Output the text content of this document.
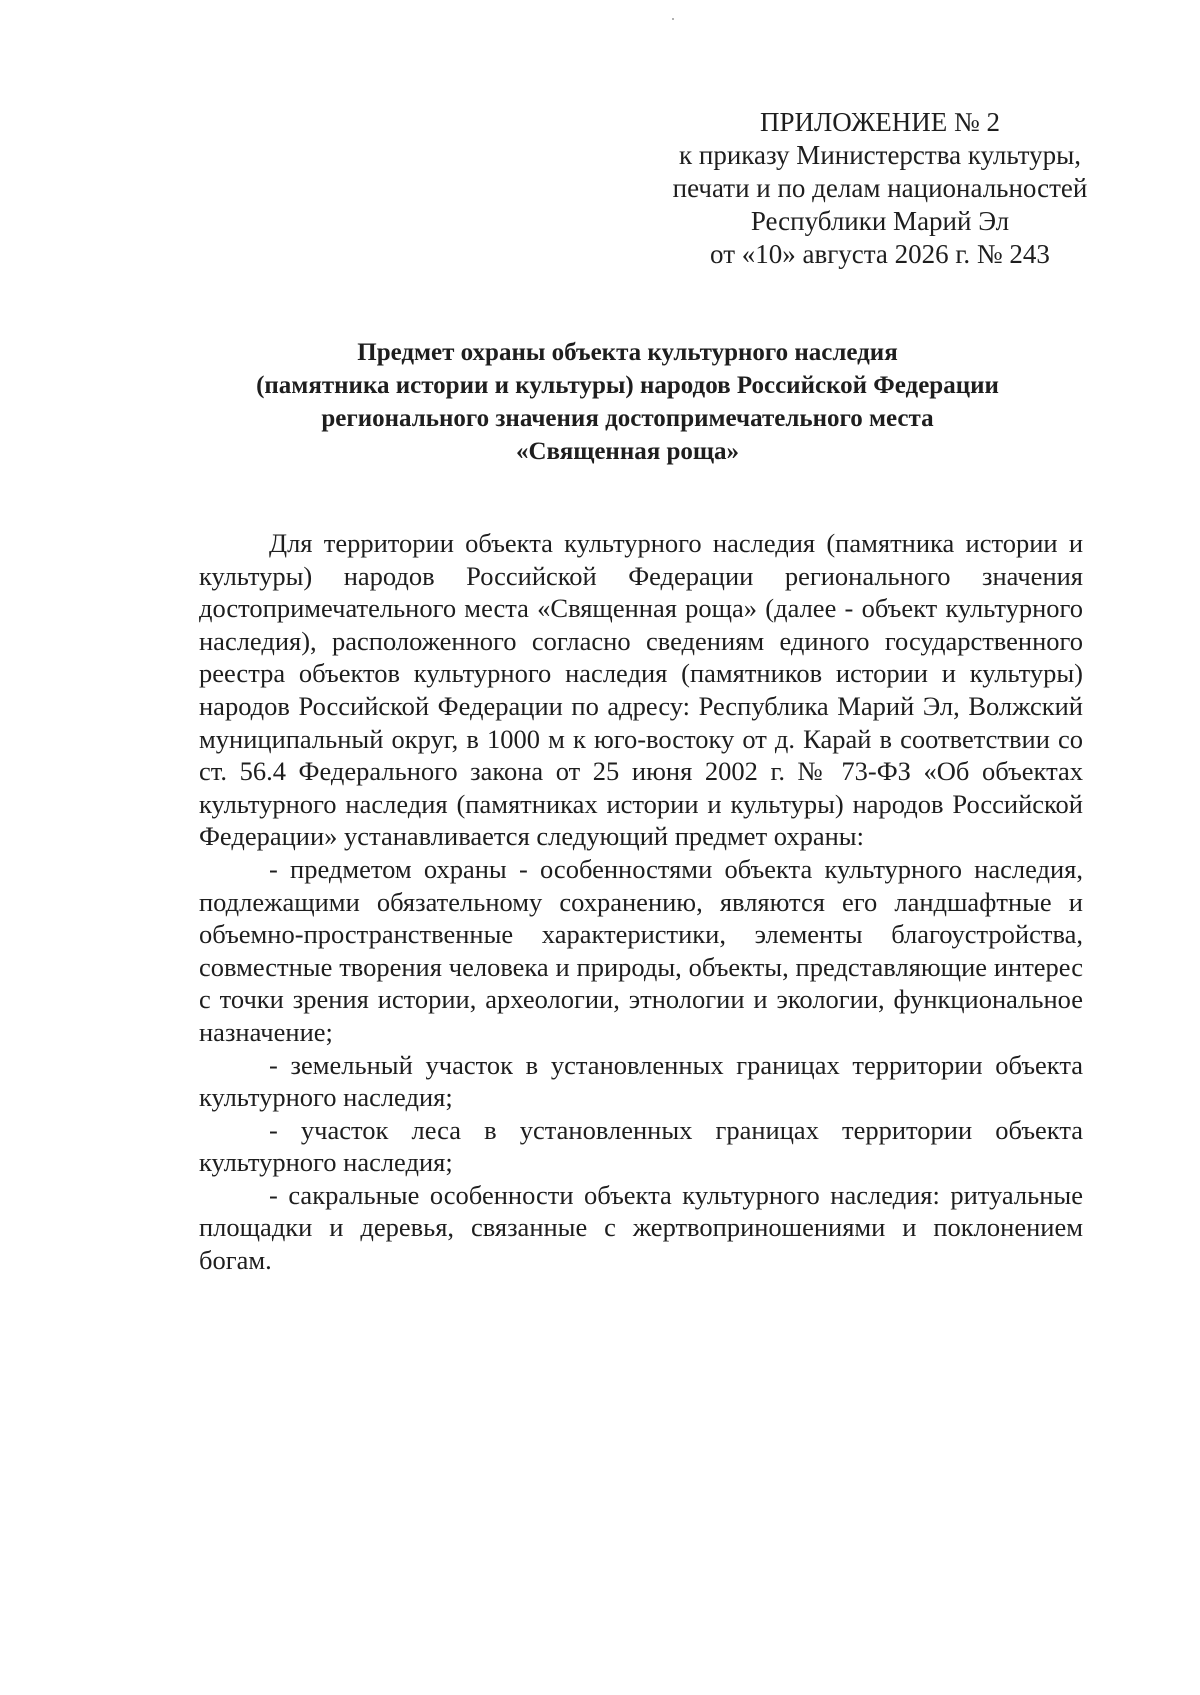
ПРИЛОЖЕНИЕ № 2
к приказу Министерства культуры,
печати и по делам национальностей
Республики Марий Эл
от «10» августа 2026 г. № 243
Предмет охраны объекта культурного наследия
(памятника истории и культуры) народов Российской Федерации
регионального значения достопримечательного места
«Священная роща»

Для территории объекта культурного наследия (памятника истории и культуры) народов Российской Федерации регионального значения достопримечательного места «Священная роща» (далее - объект культурного наследия), расположенного согласно сведениям единого государственного реестра объектов культурного наследия (памятников истории и культуры) народов Российской Федерации по адресу: Республика Марий Эл, Волжский муниципальный округ, в 1000 м к юго-востоку от д. Карай в соответствии со ст. 56.4 Федерального закона от 25 июня 2002 г. № 73-ФЗ «Об объектах культурного наследия (памятниках истории и культуры) народов Российской Федерации» устанавливается следующий предмет охраны:

- предметом охраны - особенностями объекта культурного наследия, подлежащими обязательному сохранению, являются его ландшафтные и объемно-пространственные характеристики, элементы благоустройства, совместные творения человека и природы, объекты, представляющие интерес с точки зрения истории, археологии, этнологии и экологии, функциональное назначение;

- земельный участок в установленных границах территории объекта культурного наследия;

- участок леса в установленных границах территории объекта культурного наследия;

- сакральные особенности объекта культурного наследия: ритуальные площадки и деревья, связанные с жертвоприношениями и поклонением богам.
